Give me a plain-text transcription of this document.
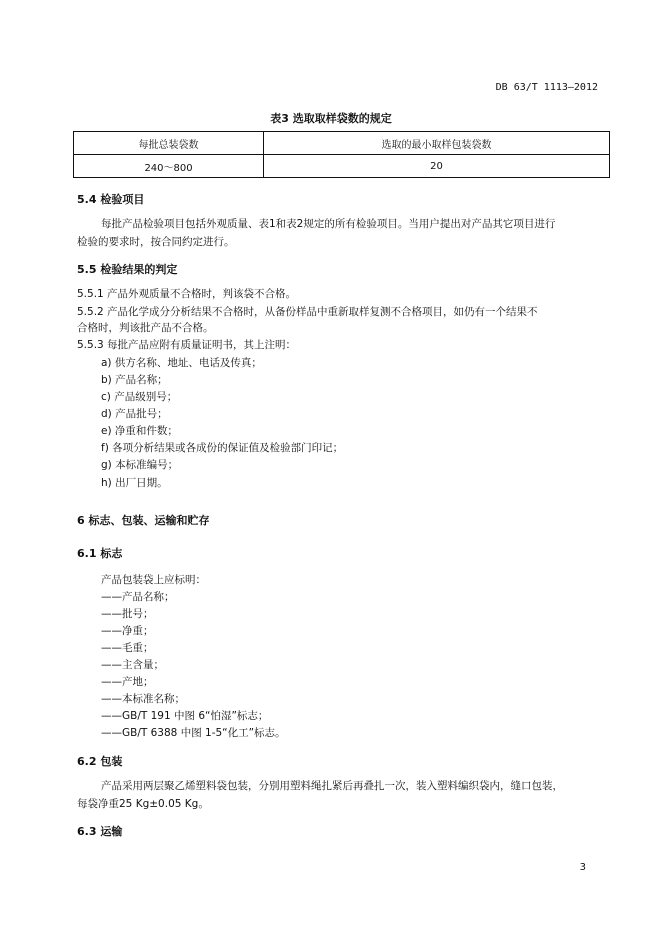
DB 63/T 1113—2012
表3 选取取样袋数的规定
每批总装袋数	选取的最小取样包装袋数
240～800	20
5.4 检验项目
每批产品检验项目包括外观质量、表1和表2规定的所有检验项目。当用户提出对产品其它项目进行
检验的要求时，按合同约定进行。
5.5 检验结果的判定
5.5.1 产品外观质量不合格时，判该袋不合格。
5.5.2 产品化学成分分析结果不合格时，从备份样品中重新取样复测不合格项目，如仍有一个结果不
合格时，判该批产品不合格。
5.5.3 每批产品应附有质量证明书，其上注明：
a) 供方名称、地址、电话及传真；
b) 产品名称；
c) 产品级别号；
d) 产品批号；
e) 净重和件数；
f) 各项分析结果或各成份的保证值及检验部门印记；
g) 本标准编号；
h) 出厂日期。
6 标志、包装、运输和贮存
6.1 标志
产品包装袋上应标明：
——产品名称；
——批号；
——净重；
——毛重；
——主含量；
——产地；
——本标准名称；
——GB/T 191 中图 6“怕湿”标志；
——GB/T 6388 中图 1-5“化工”标志。
6.2 包装
产品采用两层聚乙烯塑料袋包装，分别用塑料绳扎紧后再叠扎一次，装入塑料编织袋内，缝口包装，
每袋净重25 Kg±0.05 Kg。
6.3 运输
3
